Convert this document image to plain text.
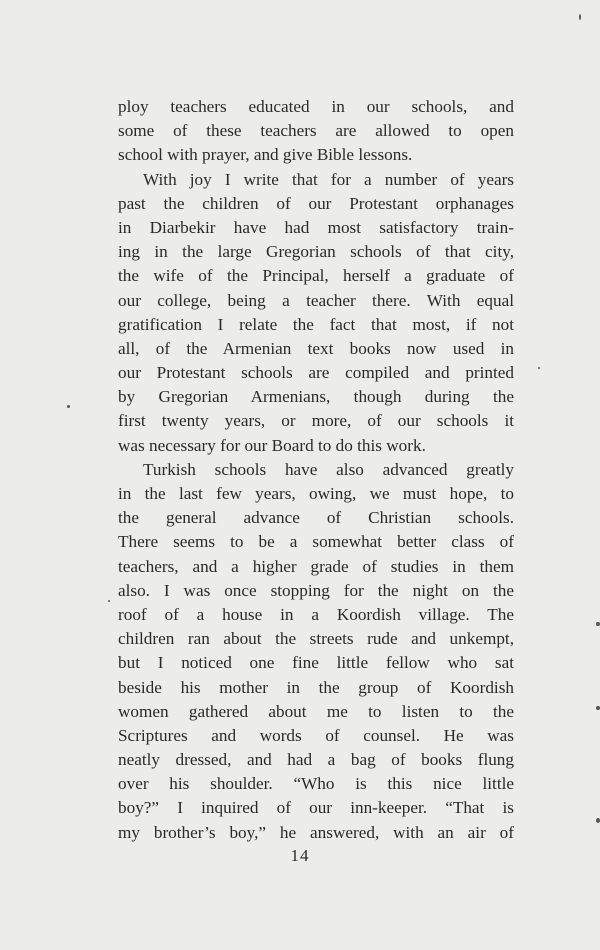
ploy teachers educated in our schools, and
some of these teachers are allowed to open
school with prayer, and give Bible lessons.
With joy I write that for a number of years
past the children of our Protestant orphanages
in Diarbekir have had most satisfactory train-
ing in the large Gregorian schools of that city,
the wife of the Principal, herself a graduate of
our college, being a teacher there. With equal
gratification I relate the fact that most, if not
all, of the Armenian text books now used in
our Protestant schools are compiled and printed
by Gregorian Armenians, though during the
first twenty years, or more, of our schools it
was necessary for our Board to do this work.
Turkish schools have also advanced greatly
in the last few years, owing, we must hope, to
the general advance of Christian schools.
There seems to be a somewhat better class of
teachers, and a higher grade of studies in them
also. I was once stopping for the night on the
roof of a house in a Koordish village. The
children ran about the streets rude and unkempt,
but I noticed one fine little fellow who sat
beside his mother in the group of Koordish
women gathered about me to listen to the
Scriptures and words of counsel. He was
neatly dressed, and had a bag of books flung
over his shoulder. “Who is this nice little
boy?” I inquired of our inn-keeper. “That is
my brother’s boy,” he answered, with an air of
14
